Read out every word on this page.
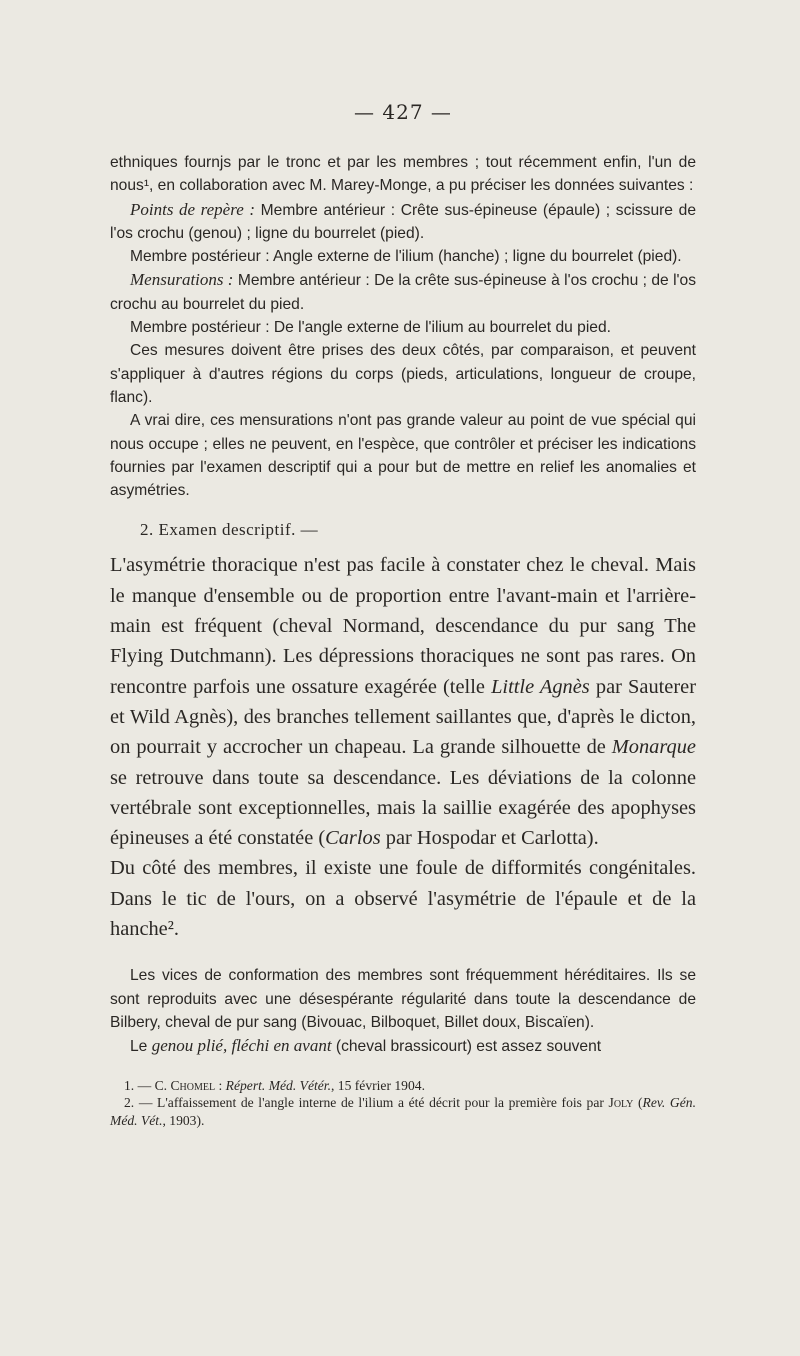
— 427 —

ethniques fournjs par le tronc et par les membres ; tout récemment enfin, l'un de nous¹, en collaboration avec M. Marey-Monge, a pu préciser les données suivantes :

Points de repère : Membre antérieur : Crête sus-épineuse (épaule) ; scissure de l'os crochu (genou) ; ligne du bourrelet (pied).

Membre postérieur : Angle externe de l'ilium (hanche) ; ligne du bourrelet (pied).

Mensurations : Membre antérieur : De la crête sus-épineuse à l'os crochu ; de l'os crochu au bourrelet du pied.

Membre postérieur : De l'angle externe de l'ilium au bourrelet du pied.

Ces mesures doivent être prises des deux côtés, par comparaison, et peuvent s'appliquer à d'autres régions du corps (pieds, articulations, longueur de croupe, flanc).

A vrai dire, ces mensurations n'ont pas grande valeur au point de vue spécial qui nous occupe ; elles ne peuvent, en l'espèce, que contrôler et préciser les indications fournies par l'examen descriptif qui a pour but de mettre en relief les anomalies et asymétries.

2. Examen descriptif. —

L'asymétrie thoracique n'est pas facile à constater chez le cheval. Mais le manque d'ensemble ou de proportion entre l'avant-main et l'arrière-main est fréquent (cheval Normand, descendance du pur sang The Flying Dutchmann). Les dépressions thoraciques ne sont pas rares. On rencontre parfois une ossature exagérée (telle Little Agnès par Sauterer et Wild Agnès), des branches tellement saillantes que, d'après le dicton, on pourrait y accrocher un chapeau. La grande silhouette de Monarque se retrouve dans toute sa descendance. Les déviations de la colonne vertébrale sont exceptionnelles, mais la saillie exagérée des apophyses épineuses a été constatée (Carlos par Hospodar et Carlotta).

Du côté des membres, il existe une foule de difformités congénitales. Dans le tic de l'ours, on a observé l'asymétrie de l'épaule et de la hanche².

Les vices de conformation des membres sont fréquemment héréditaires. Ils se sont reproduits avec une désespérante régularité dans toute la descendance de Bilbery, cheval de pur sang (Bivouac, Bilboquet, Billet doux, Biscaïen).

Le genou plié, fléchi en avant (cheval brassicourt) est assez souvent

1. — C. Chomel : Répert. Méd. Vétér., 15 février 1904.

2. — L'affaissement de l'angle interne de l'ilium a été décrit pour la première fois par Joly (Rev. Gén. Méd. Vét., 1903).
